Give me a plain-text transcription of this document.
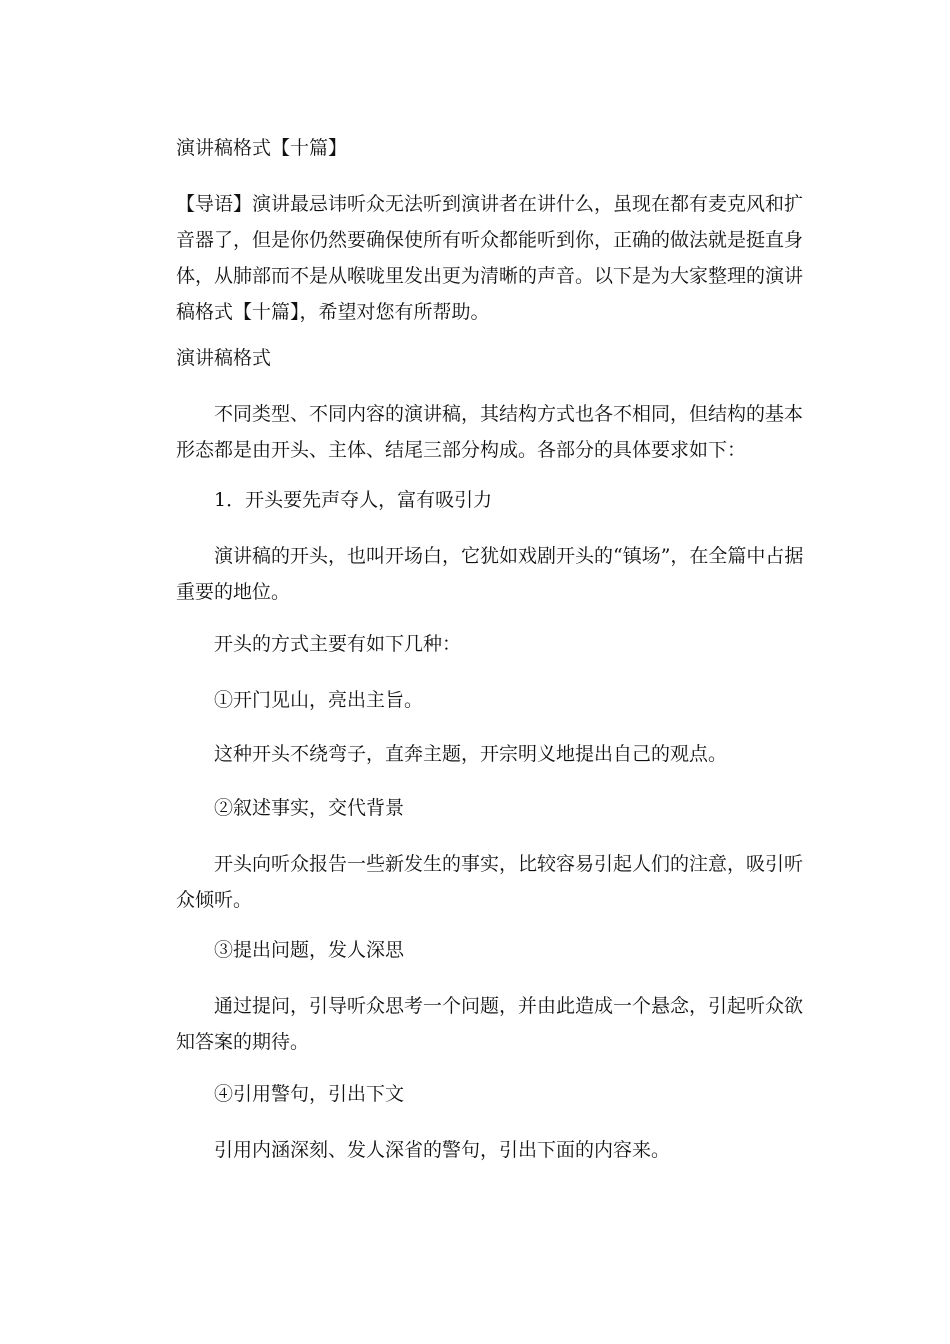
演讲稿格式【十篇】

【导语】演讲最忌讳听众无法听到演讲者在讲什么，虽现在都有麦克风和扩音器了，但是你仍然要确保使所有听众都能听到你，正确的做法就是挺直身体，从肺部而不是从喉咙里发出更为清晰的声音。以下是为大家整理的演讲稿格式【十篇】，希望对您有所帮助。

演讲稿格式

不同类型、不同内容的演讲稿，其结构方式也各不相同，但结构的基本形态都是由开头、主体、结尾三部分构成。各部分的具体要求如下：

1．开头要先声夺人，富有吸引力

演讲稿的开头，也叫开场白，它犹如戏剧开头的“镇场”，在全篇中占据重要的地位。

开头的方式主要有如下几种：

①开门见山，亮出主旨。

这种开头不绕弯子，直奔主题，开宗明义地提出自己的观点。

②叙述事实，交代背景

开头向听众报告一些新发生的事实，比较容易引起人们的注意，吸引听众倾听。

③提出问题，发人深思

通过提问，引导听众思考一个问题，并由此造成一个悬念，引起听众欲知答案的期待。

④引用警句，引出下文

引用内涵深刻、发人深省的警句，引出下面的内容来。
